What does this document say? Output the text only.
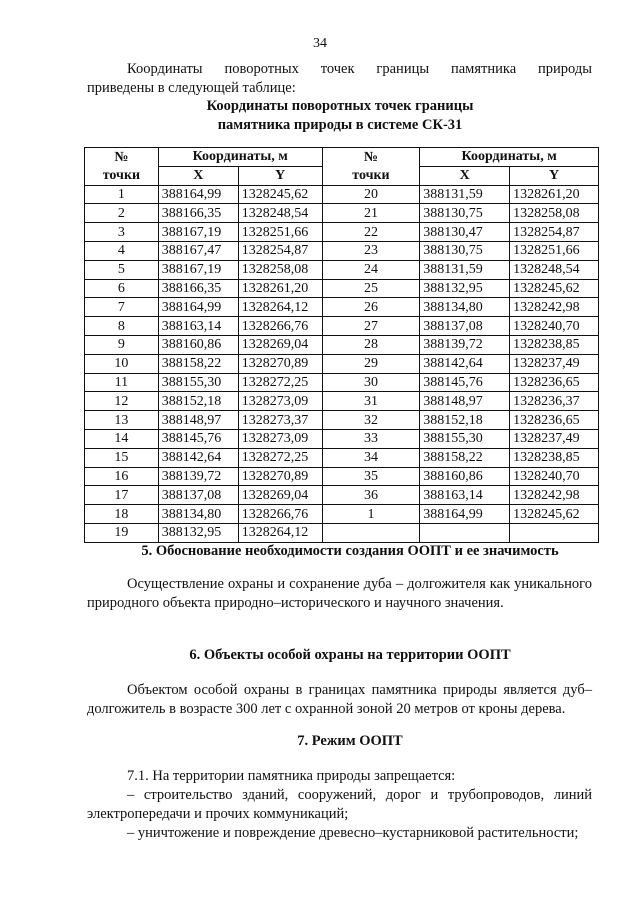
34
Координаты поворотных точек границы памятника природы
приведены в следующей таблице:
Координаты поворотных точек границы
памятника природы в системе СК-31
№	Координаты, м		№	Координаты, м	
точки	X	Y	точки	X	Y
1	388164,99	1328245,62	20	388131,59	1328261,20
2	388166,35	1328248,54	21	388130,75	1328258,08
3	388167,19	1328251,66	22	388130,47	1328254,87
4	388167,47	1328254,87	23	388130,75	1328251,66
5	388167,19	1328258,08	24	388131,59	1328248,54
6	388166,35	1328261,20	25	388132,95	1328245,62
7	388164,99	1328264,12	26	388134,80	1328242,98
8	388163,14	1328266,76	27	388137,08	1328240,70
9	388160,86	1328269,04	28	388139,72	1328238,85
10	388158,22	1328270,89	29	388142,64	1328237,49
11	388155,30	1328272,25	30	388145,76	1328236,65
12	388152,18	1328273,09	31	388148,97	1328236,37
13	388148,97	1328273,37	32	388152,18	1328236,65
14	388145,76	1328273,09	33	388155,30	1328237,49
15	388142,64	1328272,25	34	388158,22	1328238,85
16	388139,72	1328270,89	35	388160,86	1328240,70
17	388137,08	1328269,04	36	388163,14	1328242,98
18	388134,80	1328266,76	1	388164,99	1328245,62
19	388132,95	1328264,12			
5. Обоснование необходимости создания ООПТ и ее значимость
Осуществление охраны и сохранение дуба – долгожителя как уникального природного объекта природно–исторического и научного значения.
6. Объекты особой охраны на территории ООПТ
Объектом особой охраны в границах памятника природы является дуб–долгожитель в возрасте 300 лет с охранной зоной 20 метров от кроны дерева.
7. Режим ООПТ
7.1. На территории памятника природы запрещается:
– строительство зданий, сооружений, дорог и трубопроводов, линий электропередачи и прочих коммуникаций;
– уничтожение и повреждение древесно–кустарниковой растительности;
